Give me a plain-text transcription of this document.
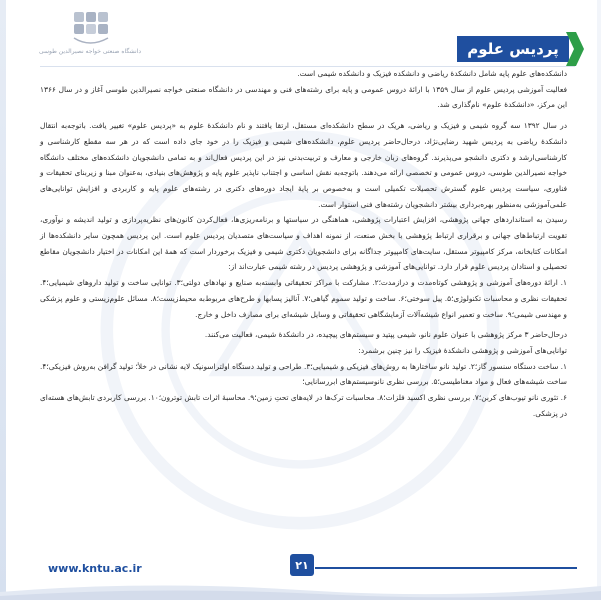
دانشگاه صنعتی خواجه نصیرالدین طوسی	پردیس علوم

دانشکده‌های علوم پایه شامل دانشکدۀ ریاضی و دانشکده فیزیک و دانشکده شیمی است.

فعالیت آموزشی پردیس علوم از سال ۱۳۵۹ با ارائۀ دروس عمومی و پایه برای رشته‌های فنی و مهندسی در دانشگاه صنعتی خواجه نصیرالدین طوسی آغاز و در سال ۱۳۶۶ این مرکز، «دانشکدۀ علوم» نام‌گذاری شد.

در سال ۱۳۹۲ سه گروه شیمی و فیزیک و ریاضی، هریک در سطح دانشکده‌ای مستقل، ارتقا یافتند و نام دانشکدۀ علوم به «پردیس علوم» تغییر یافت. باتوجه‌به انتقال دانشکدۀ ریاضی به پردیس شهید رضایی‌نژاد، درحال‌حاضر پردیس علوم، دانشکده‌های شیمی و فیزیک را در خود جای داده است که در هر سه مقطع کارشناسی و کارشناسی‌ارشد و دکتری دانشجو می‌پذیرند. گروه‌های زبان خارجی و معارف و تربیت‌بدنی نیز در این پردیس فعال‌اند و به تمامی دانشجویان دانشکده‌های مختلف دانشگاه خواجه نصیرالدین طوسی، دروس عمومی و تخصصی ارائه می‌دهند. باتوجه‌به نقش اساسی و اجتناب ناپذیر علوم پایه و پژوهش‌های بنیادی، به‌عنوان مبنا و زیربنای تحقیقات و فناوری، سیاست پردیس علوم گسترش تحصیلات تکمیلی است و به‌خصوص بر پایۀ ایجاد دوره‌های دکتری در رشته‌های علوم پایه و کاربردی و افزایش توانایی‌های علمی‌آموزشی به‌منظور بهره‌برداری بیشتر دانشجویان رشته‌های فنی استوار است.

رسیدن به استانداردهای جهانی پژوهشی، افزایش اعتبارات پژوهشی، هماهنگی در سیاستها و برنامه‌ریزی‌ها، فعال‌کردن کانون‌های نظریه‌پردازی و تولید اندیشه و نوآوری، تقویت ارتباط‌های جهانی و برقراری ارتباط پژوهشی با بخش صنعت، از نمونه اهداف و سیاست‌های متصدیان پردیس علوم است. این پردیس همچون سایر دانشکده‌ها از امکانات کتابخانه، مرکز کامپیوتر مستقل، سایت‌های کامپیوتر جداگانه برای دانشجویان دکتری شیمی و فیزیک برخوردار است که همۀ این امکانات در اختیار دانشجویان مقاطع تحصیلی و استادان پردیس علوم قرار دارد. توانایی‌های آموزشی و پژوهشی پردیس در رشته شیمی عبارت‌اند از:

۱. ارائۀ دوره‌های آموزشی و پژوهشی کوتاه‌مدت و درازمدت؛۲. مشارکت با مراکز تحقیقاتی وابسته‌به صنایع و نهادهای دولتی؛۳. توانایی ساخت و تولید داروهای شیمیایی؛۴. تحقیقات نظری و محاسبات تکنولوژی؛۵. پیل سوختی؛۶. ساخت و تولید سموم گیاهی؛۷. آنالیز پسابها و طرح‌های مربوط‌به محیط‌زیست؛۸. مسائل علوم‌زیستی و علوم پزشکی و مهندسی شیمی؛۹. ساخت و تعمیر انواع شیشه‌آلات آزمایشگاهی تحقیقاتی و وسایل شیشه‌ای برای مصارف داخل و خارج.

درحال‌حاضر ۳ مرکز پژوهشی با عنوان علوم نانو، شیمی پپتید و سیستم‌های پیچیده، در دانشکدۀ شیمی، فعالیت می‌کنند.

توانایی‌های آموزشی و پژوهشی دانشکدۀ فیزیک را نیز چنین برشمرد:

۱. ساخت دستگاه سنسور گاز؛۲. تولید نانو ساختارها به روش‌های فیزیکی و شیمیایی؛۳. طراحی و تولید دستگاه اولتراسونیک لایه نشانی در خلأ؛ تولید گرافن به‌روش فیزیکی؛۴. ساخت شیشه‌های فعال و مواد مغناطیسی؛۵. بررسی نظری نانوسیستم‌های ابررسانایی؛

۶. تئوری نانو تیوب‌های کربن؛۷. بررسی نظری اکسید فلزات؛۸. محاسبات ترک‌ها در لایه‌های تحتِ زمین؛۹. محاسبۀ اثرات تابش توترون؛۱۰. بررسی کاربردی تابش‌های هسته‌ای در پزشکی.

www.kntu.ac.ir	۲۱
